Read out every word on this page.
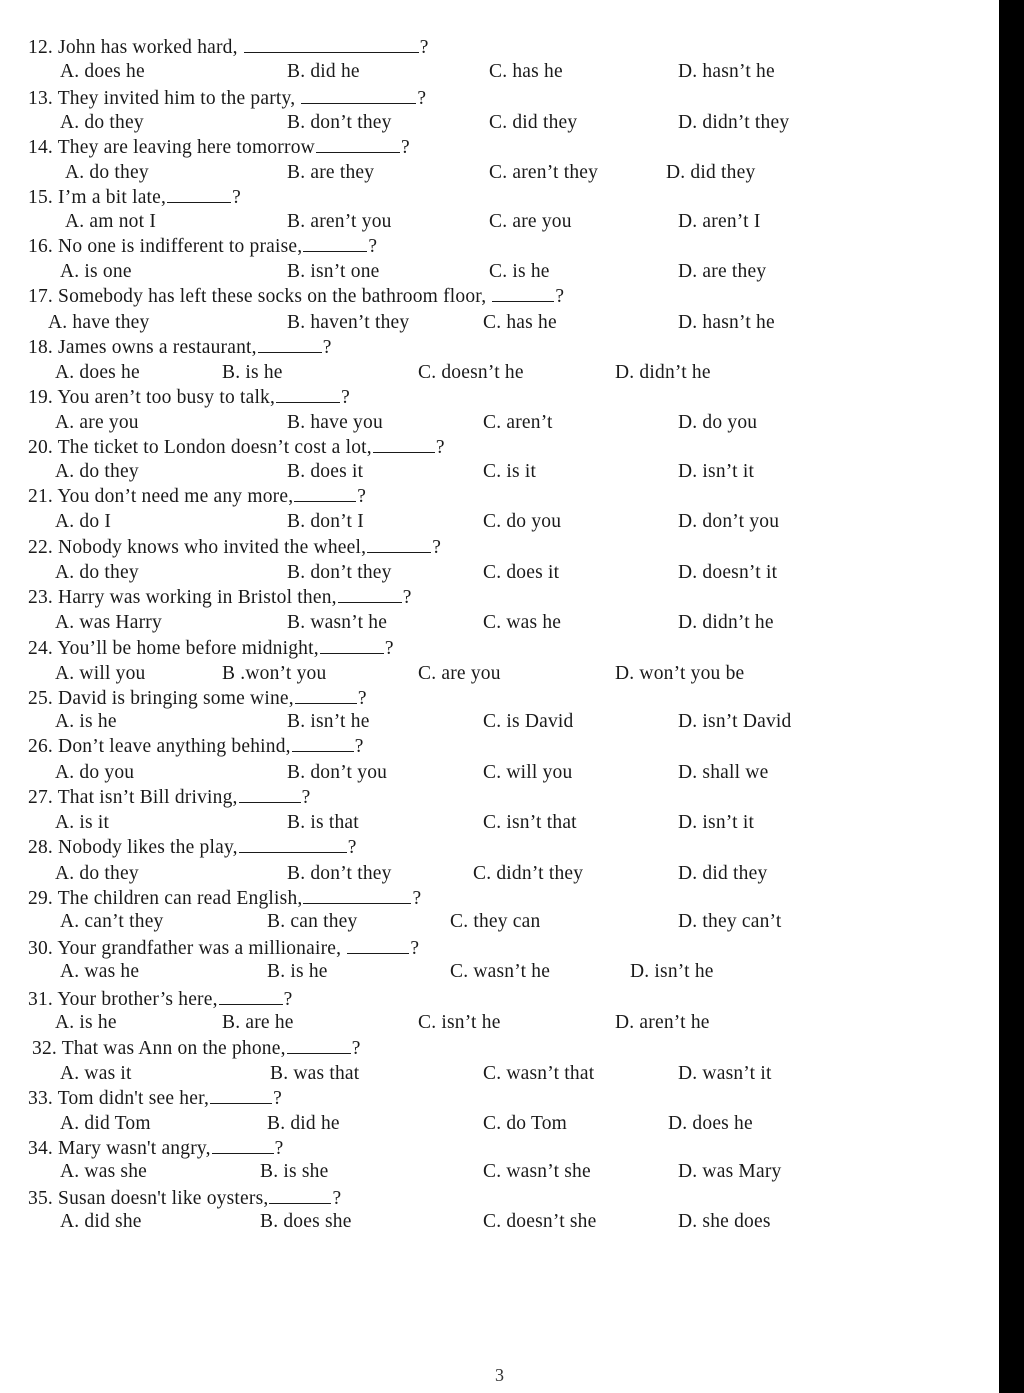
12. John has worked hard,	?
A. does he	B. did he	C. has he	D. hasn’t he
13. They invited him to the party,	?
A. do they	B. don’t they	C. did they	D. didn’t they
14. They are leaving here tomorrow	?
A. do they	B. are they	C. aren’t they	D. did they
15. I’m a bit late,	?
A. am not I	B. aren’t you	C. are you	D. aren’t I
16. No one is indifferent to praise,	?
A. is one	B. isn’t one	C. is he	D. are they
17. Somebody has left these socks on the bathroom floor,	?
A. have they	B. haven’t they	C. has he	D. hasn’t he
18. James owns a restaurant,	?
A. does he	B. is he	C. doesn’t he	D. didn’t he
19. You aren’t too busy to talk,	?
A. are you	B. have you	C. aren’t	D. do you
20. The ticket to London doesn’t cost a lot,	?
A. do they	B. does it	C. is it	D. isn’t it
21. You don’t need me any more,	?
A. do I	B. don’t I	C. do you	D. don’t you
22. Nobody knows who invited the wheel,	?
A. do they	B. don’t they	C. does it	D. doesn’t it
23. Harry was working in Bristol then,	?
A. was Harry	B. wasn’t he	C. was he	D. didn’t he
24. You’ll be home before midnight,	?
A. will you	B .won’t you	C. are you	D. won’t you be
25. David is bringing some wine,	?
A. is he	B. isn’t he	C. is David	D. isn’t David
26. Don’t leave anything behind,	?
A. do you	B. don’t you	C. will you	D. shall we
27. That isn’t Bill driving,	?
A. is it	B. is that	C. isn’t that	D. isn’t it
28. Nobody likes the play,	?
A. do they	B. don’t they	C. didn’t they	D. did they
29. The children can read English,	?
A. can’t they	B. can they	C. they can	D. they can’t
30. Your grandfather was a millionaire,	?
A. was he	B. is he	C. wasn’t he	D. isn’t he
31. Your brother’s here,	?
A. is he	B. are he	C. isn’t he	D. aren’t he
32. That was Ann on the phone,	?
A. was it	B. was that	C. wasn’t that	D. wasn’t it
33. Tom didn't see her,	?
A. did Tom	B. did he	C. do Tom	D. does he
34. Mary wasn't angry,	?
A. was she	B. is she	C. wasn’t she	D. was Mary
35. Susan doesn't like oysters,	?
A. did she	B. does she	C. doesn’t she	D. she does
3
